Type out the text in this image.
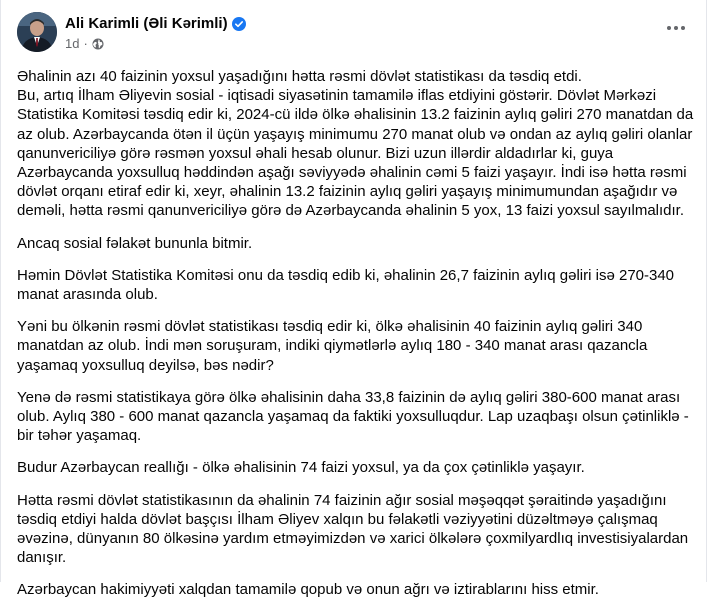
Ali Karimli (Əli Kərimli)
1d ·

Əhalinin azı 40 faizinin yoxsul yaşadığını hətta rəsmi dövlət statistikası da təsdiq etdi.
Bu, artıq İlham Əliyevin sosial - iqtisadi siyasətinin tamamilə iflas etdiyini göstərir. Dövlət Mərkəzi Statistika Komitəsi təsdiq edir ki, 2024-cü ildə ölkə əhalisinin 13.2 faizinin aylıq gəliri 270 manatdan da az olub. Azərbaycanda ötən il üçün yaşayış minimumu 270 manat olub və ondan az aylıq gəliri olanlar qanunvericiliyə görə rəsmən yoxsul əhali hesab olunur. Bizi uzun illərdir aldadırlar ki, guya Azərbaycanda yoxsulluq həddindən aşağı səviyyədə əhalinin cəmi 5 faizi yaşayır. İndi isə hətta rəsmi dövlət orqanı etiraf edir ki, xeyr, əhalinin 13.2 faizinin aylıq gəliri yaşayış minimumundan aşağıdır və deməli, hətta rəsmi qanunvericiliyə görə də Azərbaycanda əhalinin 5 yox, 13 faizi yoxsul sayılmalıdır.

Ancaq sosial fəlakət bununla bitmir.

Həmin Dövlət Statistika Komitəsi onu da təsdiq edib ki, əhalinin 26,7 faizinin aylıq gəliri isə 270-340 manat arasında olub.

Yəni bu ölkənin rəsmi dövlət statistikası təsdiq edir ki, ölkə əhalisinin 40 faizinin aylıq gəliri 340 manatdan az olub. İndi mən soruşuram, indiki qiymətlərlə aylıq 180 - 340 manat arası qazancla yaşamaq yoxsulluq deyilsə, bəs nədir?

Yenə də rəsmi statistikaya görə ölkə əhalisinin daha 33,8 faizinin də aylıq gəliri 380-600 manat arası olub. Aylıq 380 - 600 manat qazancla yaşamaq da faktiki yoxsulluqdur. Lap uzaqbaşı olsun çətinliklə - bir təhər yaşamaq.

Budur Azərbaycan reallığı - ölkə əhalisinin 74 faizi yoxsul, ya da çox çətinliklə yaşayır.

Hətta rəsmi dövlət statistikasının da əhalinin 74 faizinin ağır sosial məşəqqət şəraitində yaşadığını təsdiq etdiyi halda dövlət başçısı İlham Əliyev xalqın bu fəlakətli vəziyyətini düzəltməyə çalışmaq əvəzinə, dünyanın 80 ölkəsinə yardım etməyimizdən və xarici ölkələrə çoxmilyardlıq investisiyalardan danışır.

Azərbaycan hakimiyyəti xalqdan tamamilə qopub və onun ağrı və iztirablarını hiss etmir.
